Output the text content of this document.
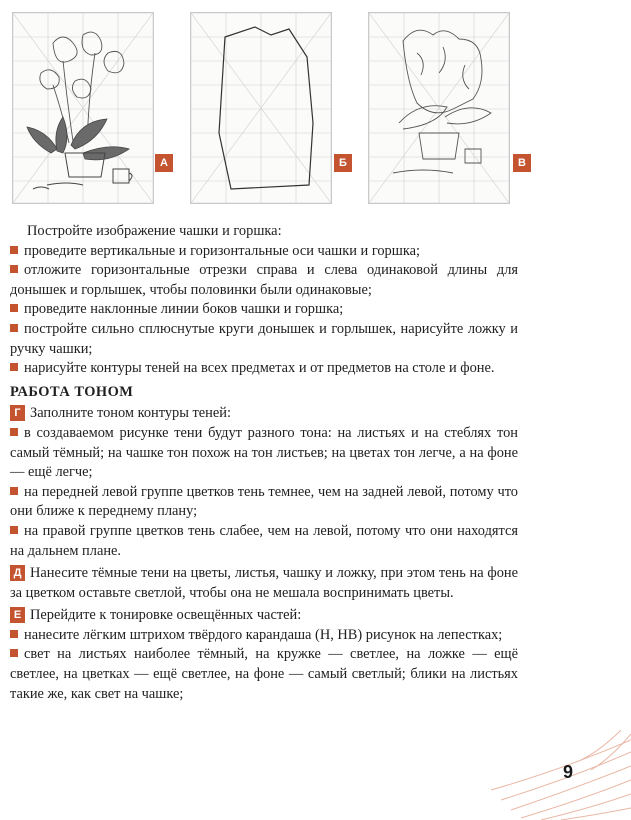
А	Б	В

Постройте изображение чашки и горшка:

проведите вертикальные и горизонтальные оси чашки и горшка;

отложите горизонтальные отрезки справа и слева одинаковой длины для донышек и горлышек, чтобы половинки были одинаковые;

проведите наклонные линии боков чашки и горшка;

постройте сильно сплюснутые круги донышек и горлышек, нарисуйте ложку и ручку чашки;

нарисуйте контуры теней на всех предметах и от предметов на столе и фоне.

РАБОТА ТОНОМ

Г Заполните тоном контуры теней:

в создаваемом рисунке тени будут разного тона: на листьях и на стеблях тон самый тёмный; на чашке тон похож на тон листьев; на цветах тон легче, а на фоне — ещё легче;

на передней левой группе цветков тень темнее, чем на задней левой, потому что они ближе к переднему плану;

на правой группе цветков тень слабее, чем на левой, потому что они находятся на дальнем плане.

Д Нанесите тёмные тени на цветы, листья, чашку и ложку, при этом тень на фоне за цветком оставьте светлой, чтобы она не мешала воспринимать цветы.

Е Перейдите к тонировке освещённых частей:

нанесите лёгким штрихом твёрдого карандаша (Н, НВ) рисунок на лепестках;

свет на листьях наиболее тёмный, на кружке — светлее, на ложке — ещё светлее, на цветках — ещё светлее, на фоне — самый светлый; блики на листьях такие же, как свет на чашке;

9
